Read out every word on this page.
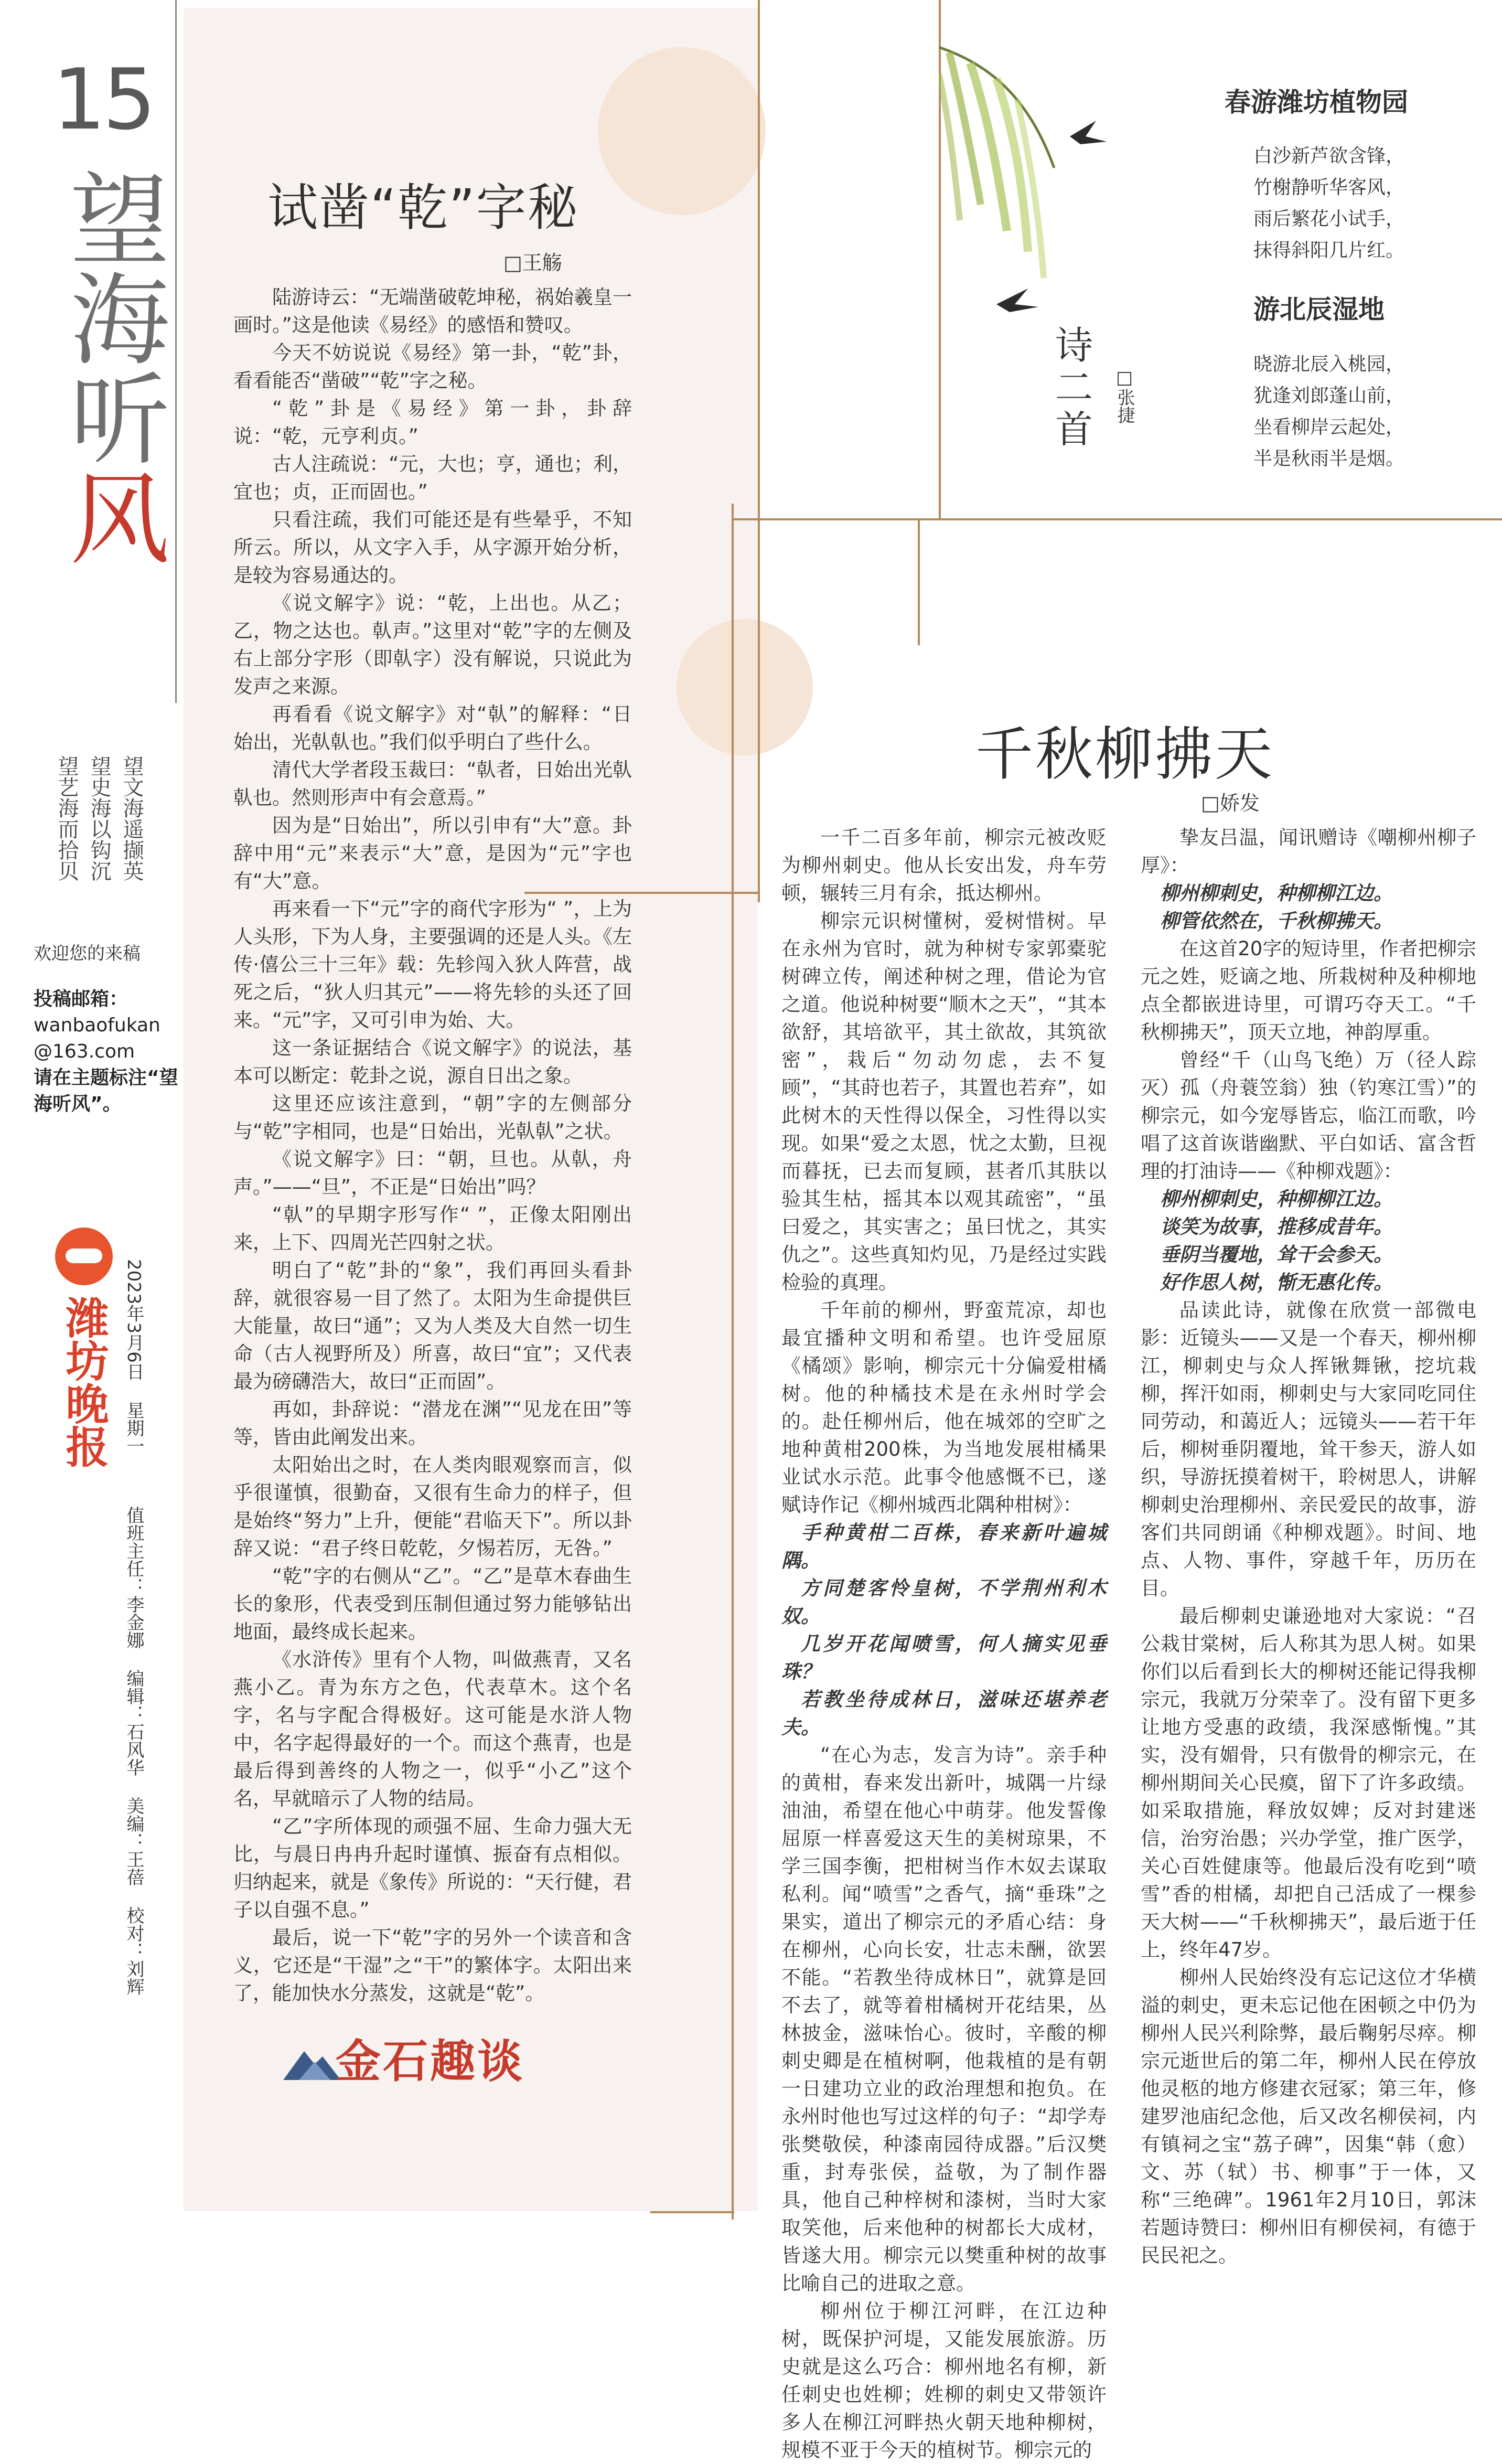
15
望海听风
望文海遥撷英
望史海以钩沉
望艺海而拾贝
欢迎您的来稿
投稿邮箱：
wanbaofukan
@163.com
请在主题标注“望海听风”。
潍坊晚报 2023年3月6日 星期一 值班主任：李金娜 编辑：石风华 美编：王蓓 校对：刘辉
试凿“乾”字秘
□王觞

陆游诗云：“无端凿破乾坤秘，祸始羲皇一画时。”这是他读《易经》的感悟和赞叹。

今天不妨说说《易经》第一卦，“乾”卦，看看能否“凿破”“乾”字之秘。

“乾”卦是《易经》第一卦，卦辞说：“乾，元亨利贞。”

古人注疏说：“元，大也；亨，通也；利，宜也；贞，正而固也。”

只看注疏，我们可能还是有些晕乎，不知所云。所以，从文字入手，从字源开始分析，是较为容易通达的。

《说文解字》说：“乾，上出也。从乙；乙，物之达也。倝声。”这里对“乾”字的左侧及右上部分字形（即倝字）没有解说，只说此为发声之来源。

再看看《说文解字》对“倝”的解释：“日始出，光倝倝也。”我们似乎明白了些什么。

清代大学者段玉裁曰：“倝者，日始出光倝倝也。然则形声中有会意焉。”

因为是“日始出”，所以引申有“大”意。卦辞中用“元”来表示“大”意，是因为“元”字也有“大”意。

再来看一下“元”字的商代字形为“ ”，上为人头形，下为人身，主要强调的还是人头。《左传·僖公三十三年》载：先轸闯入狄人阵营，战死之后，“狄人归其元”——将先轸的头还了回来。“元”字，又可引申为始、大。

这一条证据结合《说文解字》的说法，基本可以断定：乾卦之说，源自日出之象。

这里还应该注意到，“朝”字的左侧部分与“乾”字相同，也是“日始出，光倝倝”之状。

《说文解字》曰：“朝，旦也。从倝，舟声。”——“旦”，不正是“日始出”吗？

“倝”的早期字形写作“ ”，正像太阳刚出来，上下、四周光芒四射之状。

明白了“乾”卦的“象”，我们再回头看卦辞，就很容易一目了然了。太阳为生命提供巨大能量，故曰“通”；又为人类及大自然一切生命（古人视野所及）所喜，故曰“宜”；又代表最为磅礴浩大，故曰“正而固”。

再如，卦辞说：“潜龙在渊”“见龙在田”等等，皆由此阐发出来。

太阳始出之时，在人类肉眼观察而言，似乎很谨慎，很勤奋，又很有生命力的样子，但是始终“努力”上升，便能“君临天下”。所以卦辞又说：“君子终日乾乾，夕惕若厉，无咎。”

“乾”字的右侧从“乙”。“乙”是草木春曲生长的象形，代表受到压制但通过努力能够钻出地面，最终成长起来。

《水浒传》里有个人物，叫做燕青，又名燕小乙。青为东方之色，代表草木。这个名字，名与字配合得极好。这可能是水浒人物中，名字起得最好的一个。而这个燕青，也是最后得到善终的人物之一，似乎“小乙”这个名，早就暗示了人物的结局。

“乙”字所体现的顽强不屈、生命力强大无比，与晨日冉冉升起时谨慎、振奋有点相似。归纳起来，就是《象传》所说的：“天行健，君子以自强不息。”

最后，说一下“乾”字的另外一个读音和含义，它还是“干湿”之“干”的繁体字。太阳出来了，能加快水分蒸发，这就是“乾”。

金石趣谈
诗二首 □张捷
春游潍坊植物园
白沙新芦欲含锋，
竹榭静听华客风，
雨后繁花小试手，
抹得斜阳几片红。
游北辰湿地
晓游北辰入桃园，
犹逢刘郎蓬山前，
坐看柳岸云起处，
半是秋雨半是烟。
千秋柳拂天
□娇发

一千二百多年前，柳宗元被改贬为柳州刺史。他从长安出发，舟车劳顿，辗转三月有余，抵达柳州。

柳宗元识树懂树，爱树惜树。早在永州为官时，就为种树专家郭橐驼树碑立传，阐述种树之理，借论为官之道。他说种树要“顺木之天”，“其本欲舒，其培欲平，其土欲故，其筑欲密”，栽后“勿动勿虑，去不复顾”，“其莳也若子，其置也若弃”，如此树木的天性得以保全，习性得以实现。如果“爱之太恩，忧之太勤，旦视而暮抚，已去而复顾，甚者爪其肤以验其生枯，摇其本以观其疏密”，“虽曰爱之，其实害之；虽曰忧之，其实仇之”。这些真知灼见，乃是经过实践检验的真理。

千年前的柳州，野蛮荒凉，却也最宜播种文明和希望。也许受屈原《橘颂》影响，柳宗元十分偏爱柑橘树。他的种橘技术是在永州时学会的。赴任柳州后，他在城郊的空旷之地种黄柑200株，为当地发展柑橘果业试水示范。此事令他感慨不已，遂赋诗作记《柳州城西北隅种柑树》：

手种黄柑二百株，春来新叶遍城隅。

方同楚客怜皇树，不学荆州利木奴。

几岁开花闻喷雪，何人摘实见垂珠？

若教坐待成林日，滋味还堪养老夫。

“在心为志，发言为诗”。亲手种的黄柑，春来发出新叶，城隅一片绿油油，希望在他心中萌芽。他发誓像屈原一样喜爱这天生的美树琼果，不学三国李衡，把柑树当作木奴去谋取私利。闻“喷雪”之香气，摘“垂珠”之果实，道出了柳宗元的矛盾心结：身在柳州，心向长安，壮志未酬，欲罢不能。“若教坐待成林日”，就算是回不去了，就等着柑橘树开花结果，丛林披金，滋味怡心。彼时，辛酸的柳刺史卿是在植树啊，他栽植的是有朝一日建功立业的政治理想和抱负。在永州时他也写过这样的句子：“却学寿张樊敬侯，种漆南园待成器。”后汉樊重，封寿张侯，益敬，为了制作器具，他自己种梓树和漆树，当时大家取笑他，后来他种的树都长大成材，皆遂大用。柳宗元以樊重种树的故事比喻自己的进取之意。

柳州位于柳江河畔，在江边种树，既保护河堤，又能发展旅游。历史就是这么巧合：柳州地名有柳，新任刺史也姓柳；姓柳的刺史又带领许多人在柳江河畔热火朝天地种柳树，规模不亚于今天的植树节。柳宗元的

挚友吕温，闻讯赠诗《嘲柳州柳子厚》：

柳州柳刺史，种柳柳江边。

柳管依然在，千秋柳拂天。

在这首20字的短诗里，作者把柳宗元之姓，贬谪之地、所栽树种及种柳地点全都嵌进诗里，可谓巧夺天工。“千秋柳拂天”，顶天立地，神韵厚重。

曾经“千（山鸟飞绝）万（径人踪灭）孤（舟蓑笠翁）独（钓寒江雪）”的柳宗元，如今宠辱皆忘，临江而歌，吟唱了这首诙谐幽默、平白如话、富含哲理的打油诗——《种柳戏题》：

柳州柳刺史，种柳柳江边。

谈笑为故事，推移成昔年。

垂阴当覆地，耸干会参天。

好作思人树，惭无惠化传。

品读此诗，就像在欣赏一部微电影：近镜头——又是一个春天，柳州柳江，柳刺史与众人挥锹舞锹，挖坑栽柳，挥汗如雨，柳刺史与大家同吃同住同劳动，和蔼近人；远镜头——若干年后，柳树垂阴覆地，耸干参天，游人如织，导游抚摸着树干，聆树思人，讲解柳刺史治理柳州、亲民爱民的故事，游客们共同朗诵《种柳戏题》。时间、地点、人物、事件，穿越千年，历历在目。

最后柳刺史谦逊地对大家说：“召公栽甘棠树，后人称其为思人树。如果你们以后看到长大的柳树还能记得我柳宗元，我就万分荣幸了。没有留下更多让地方受惠的政绩，我深感惭愧。”其实，没有媚骨，只有傲骨的柳宗元，在柳州期间关心民瘼，留下了许多政绩。如采取措施，释放奴婢；反对封建迷信，治穷治愚；兴办学堂，推广医学，关心百姓健康等。他最后没有吃到“喷雪”香的柑橘，却把自己活成了一棵参天大树——“千秋柳拂天”，最后逝于任上，终年47岁。

柳州人民始终没有忘记这位才华横溢的刺史，更未忘记他在困顿之中仍为柳州人民兴利除弊，最后鞠躬尽瘁。柳宗元逝世后的第二年，柳州人民在停放他灵柩的地方修建衣冠冢；第三年，修建罗池庙纪念他，后又改名柳侯祠，内有镇祠之宝“荔子碑”，因集“韩（愈）文、苏（轼）书、柳事”于一体，又称“三绝碑”。1961年2月10日，郭沫若题诗赞曰：柳州旧有柳侯祠，有德于民民祀之。
